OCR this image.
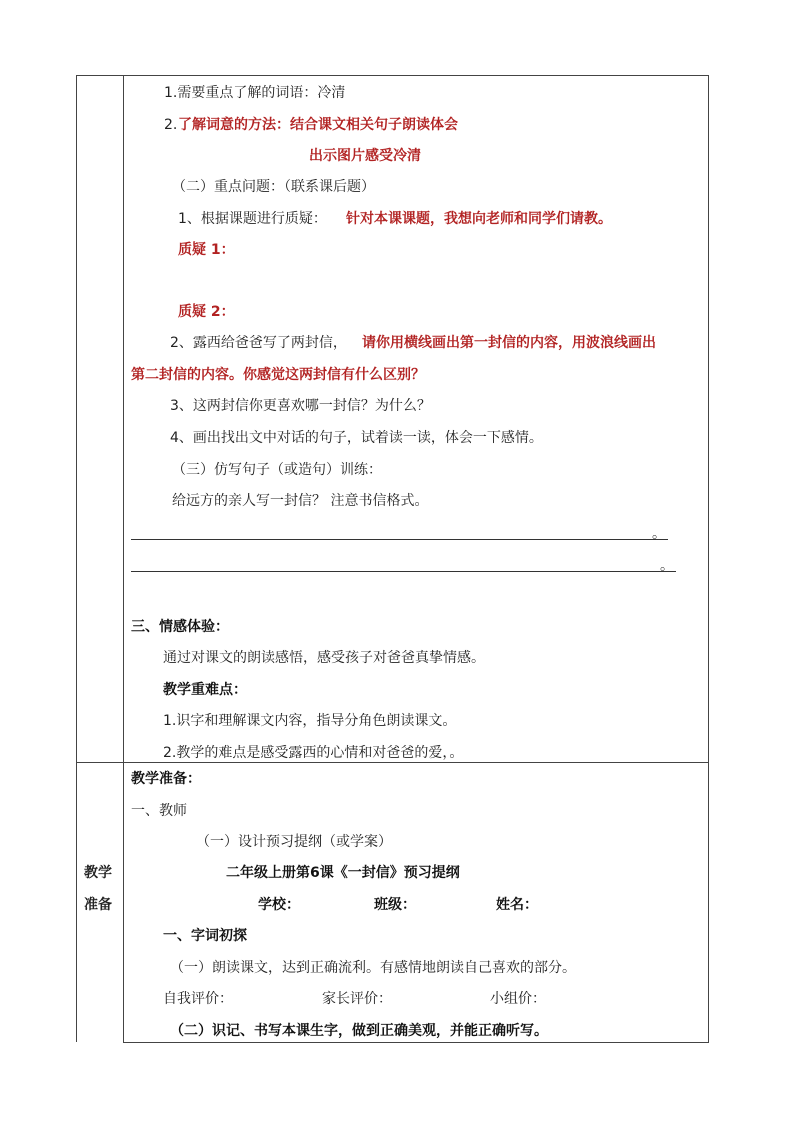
1.需要重点了解的词语：冷清
2. 了解词意的方法：结合课文相关句子朗读体会
出示图片感受冷清
（二）重点问题：（联系课后题）
1、根据课题进行质疑： 针对本课课题，我想向老师和同学们请教。
质疑 1：
质疑 2：
2、露西给爸爸写了两封信， 请你用横线画出第一封信的内容，用波浪线画出
第二封信的内容。你感觉这两封信有什么区别？
3、这两封信你更喜欢哪一封信？为什么？
4、画出找出文中对话的句子，试着读一读，体会一下感情。
（三）仿写句子（或造句）训练：
给远方的亲人写一封信？ 注意书信格式。
。
。
三、情感体验：
通过对课文的朗读感悟，感受孩子对爸爸真挚情感。
教学重难点：
1.识字和理解课文内容，指导分角色朗读课文。
2.教学的难点是感受露西的心情和对爸爸的爱，。
教学
准备
教学准备：
一、教师
（一）设计预习提纲（或学案）
二年级上册第6课《一封信》预习提纲
学校：	班级：	姓名：
一、字词初探
（一）朗读课文，达到正确流利。有感情地朗读自己喜欢的部分。
自我评价：	家长评价：	小组价：
（二）识记、书写本课生字，做到正确美观，并能正确听写。
